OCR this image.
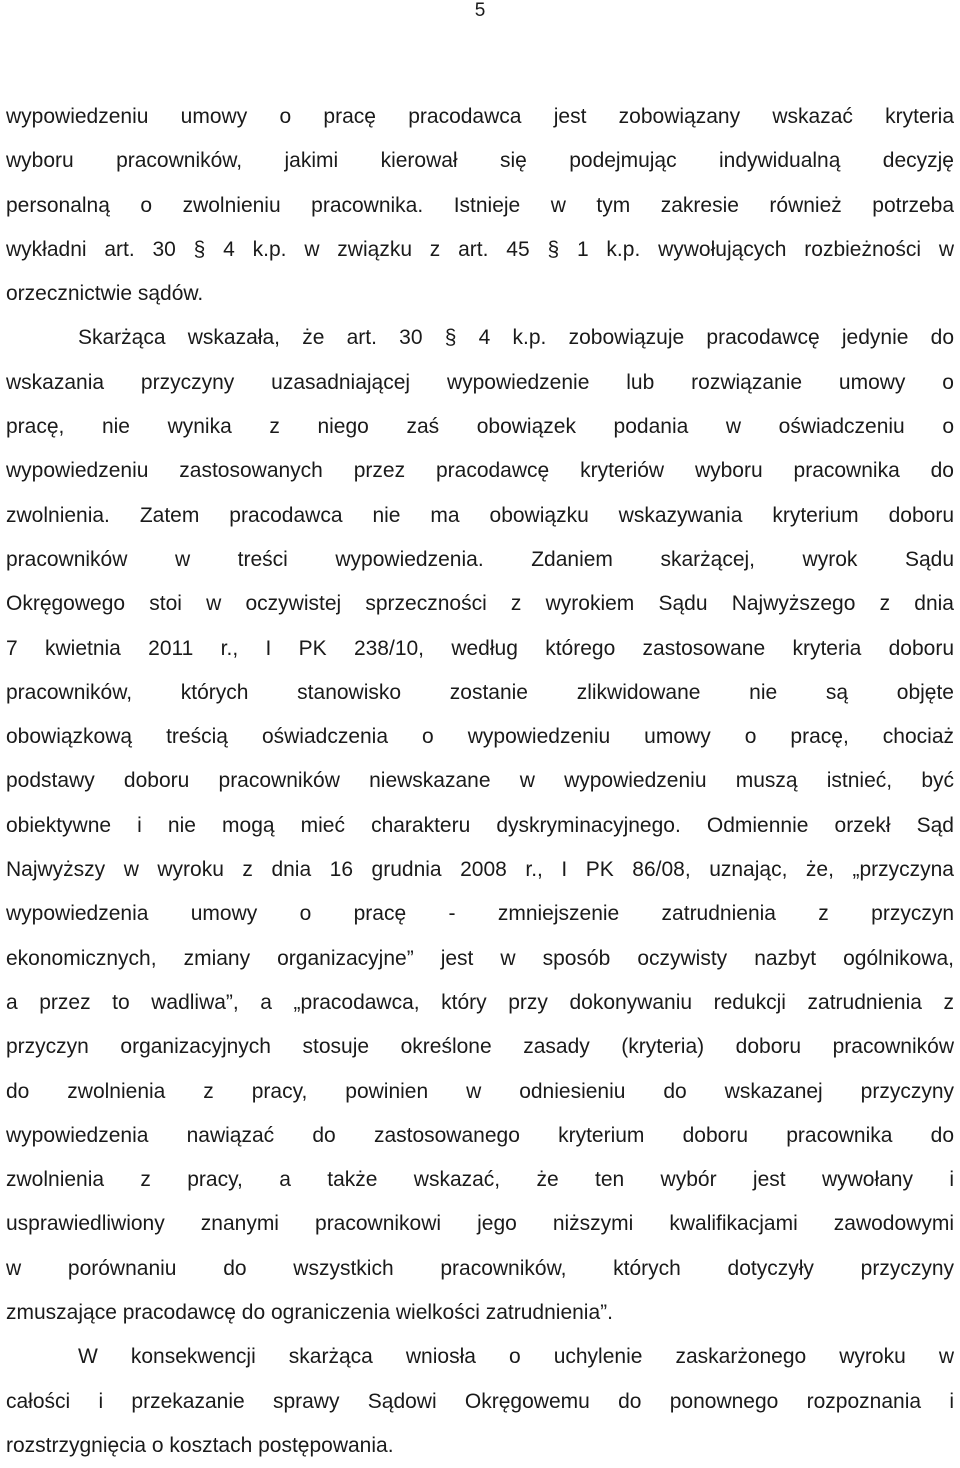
5
wypowiedzeniu umowy o pracę pracodawca jest zobowiązany wskazać kryteria
wyboru pracowników, jakimi kierował się podejmując indywidualną decyzję
personalną o zwolnieniu pracownika. Istnieje w tym zakresie również potrzeba
wykładni art. 30 § 4 k.p. w związku z art. 45 § 1 k.p. wywołujących rozbieżności w
orzecznictwie sądów.
Skarżąca wskazała, że art. 30 § 4 k.p. zobowiązuje pracodawcę jedynie do
wskazania przyczyny uzasadniającej wypowiedzenie lub rozwiązanie umowy o
pracę, nie wynika z niego zaś obowiązek podania w oświadczeniu o
wypowiedzeniu zastosowanych przez pracodawcę kryteriów wyboru pracownika do
zwolnienia. Zatem pracodawca nie ma obowiązku wskazywania kryterium doboru
pracowników w treści wypowiedzenia. Zdaniem skarżącej, wyrok Sądu
Okręgowego stoi w oczywistej sprzeczności z wyrokiem Sądu Najwyższego z dnia
7 kwietnia 2011 r., I PK 238/10, według którego zastosowane kryteria doboru
pracowników, których stanowisko zostanie zlikwidowane nie są objęte
obowiązkową treścią oświadczenia o wypowiedzeniu umowy o pracę, chociaż
podstawy doboru pracowników niewskazane w wypowiedzeniu muszą istnieć, być
obiektywne i nie mogą mieć charakteru dyskryminacyjnego. Odmiennie orzekł Sąd
Najwyższy w wyroku z dnia 16 grudnia 2008 r., I PK 86/08, uznając, że, „przyczyna
wypowiedzenia umowy o pracę - zmniejszenie zatrudnienia z przyczyn
ekonomicznych, zmiany organizacyjne” jest w sposób oczywisty nazbyt ogólnikowa,
a przez to wadliwa”, a „pracodawca, który przy dokonywaniu redukcji zatrudnienia z
przyczyn organizacyjnych stosuje określone zasady (kryteria) doboru pracowników
do zwolnienia z pracy, powinien w odniesieniu do wskazanej przyczyny
wypowiedzenia nawiązać do zastosowanego kryterium doboru pracownika do
zwolnienia z pracy, a także wskazać, że ten wybór jest wywołany i
usprawiedliwiony znanymi pracownikowi jego niższymi kwalifikacjami zawodowymi
w porównaniu do wszystkich pracowników, których dotyczyły przyczyny
zmuszające pracodawcę do ograniczenia wielkości zatrudnienia”.
W konsekwencji skarżąca wniosła o uchylenie zaskarżonego wyroku w
całości i przekazanie sprawy Sądowi Okręgowemu do ponownego rozpoznania i
rozstrzygnięcia o kosztach postępowania.
